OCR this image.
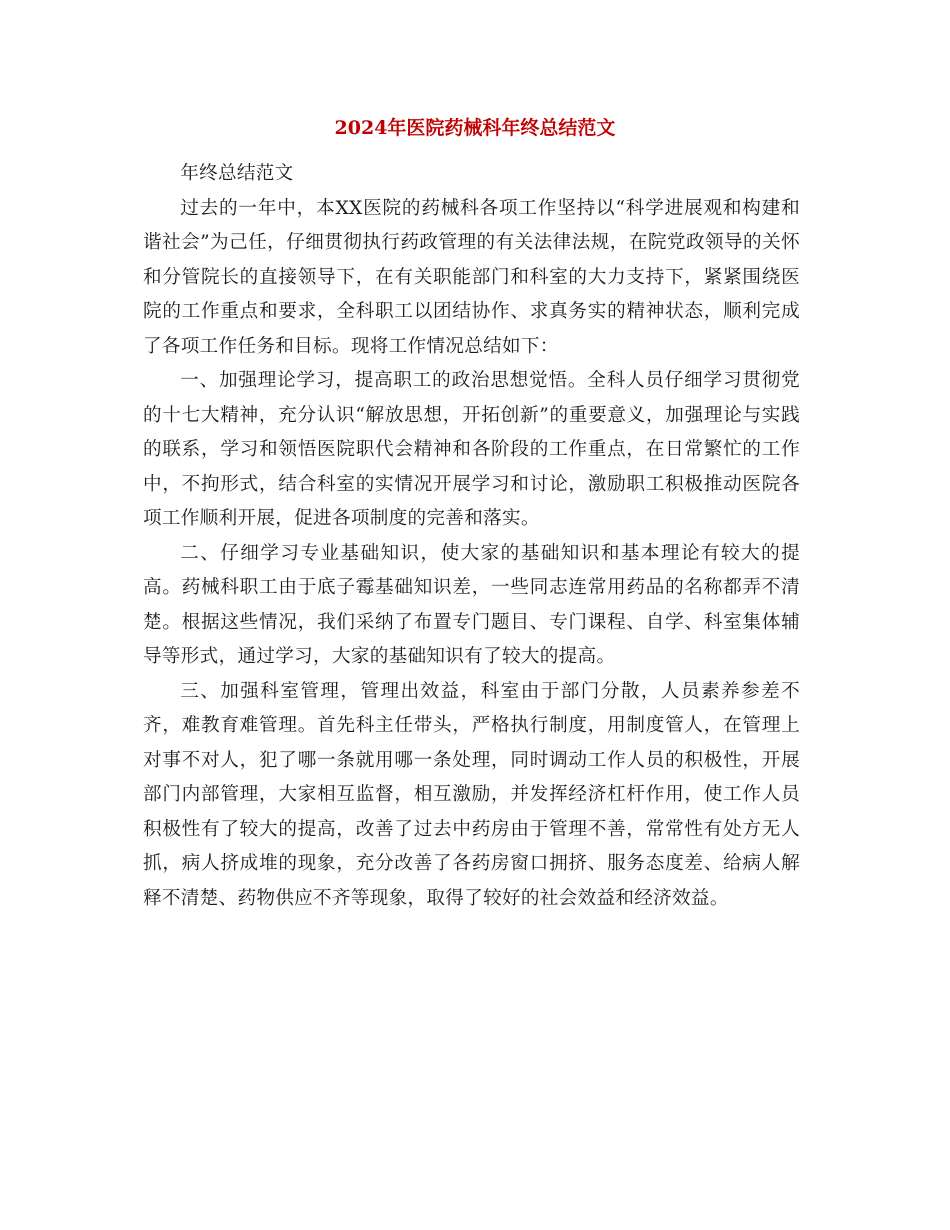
2024年医院药械科年终总结范文

年终总结范文

过去的一年中，本XX医院的药械科各项工作坚持以“科学进展观和构建和谐社会”为己任，仔细贯彻执行药政管理的有关法律法规，在院党政领导的关怀和分管院长的直接领导下，在有关职能部门和科室的大力支持下，紧紧围绕医院的工作重点和要求，全科职工以团结协作、求真务实的精神状态，顺利完成了各项工作任务和目标。现将工作情况总结如下：

一、加强理论学习，提高职工的政治思想觉悟。全科人员仔细学习贯彻党的十七大精神，充分认识“解放思想，开拓创新”的重要意义，加强理论与实践的联系，学习和领悟医院职代会精神和各阶段的工作重点，在日常繁忙的工作中，不拘形式，结合科室的实情况开展学习和讨论，激励职工积极推动医院各项工作顺利开展，促进各项制度的完善和落实。

二、仔细学习专业基础知识，使大家的基础知识和基本理论有较大的提高。药械科职工由于底子霉基础知识差，一些同志连常用药品的名称都弄不清楚。根据这些情况，我们采纳了布置专门题目、专门课程、自学、科室集体辅导等形式，通过学习，大家的基础知识有了较大的提高。

三、加强科室管理，管理出效益，科室由于部门分散，人员素养参差不齐，难教育难管理。首先科主任带头，严格执行制度，用制度管人，在管理上对事不对人，犯了哪一条就用哪一条处理，同时调动工作人员的积极性，开展部门内部管理，大家相互监督，相互激励，并发挥经济杠杆作用，使工作人员积极性有了较大的提高，改善了过去中药房由于管理不善，常常性有处方无人抓，病人挤成堆的现象，充分改善了各药房窗口拥挤、服务态度差、给病人解释不清楚、药物供应不齐等现象，取得了较好的社会效益和经济效益。
